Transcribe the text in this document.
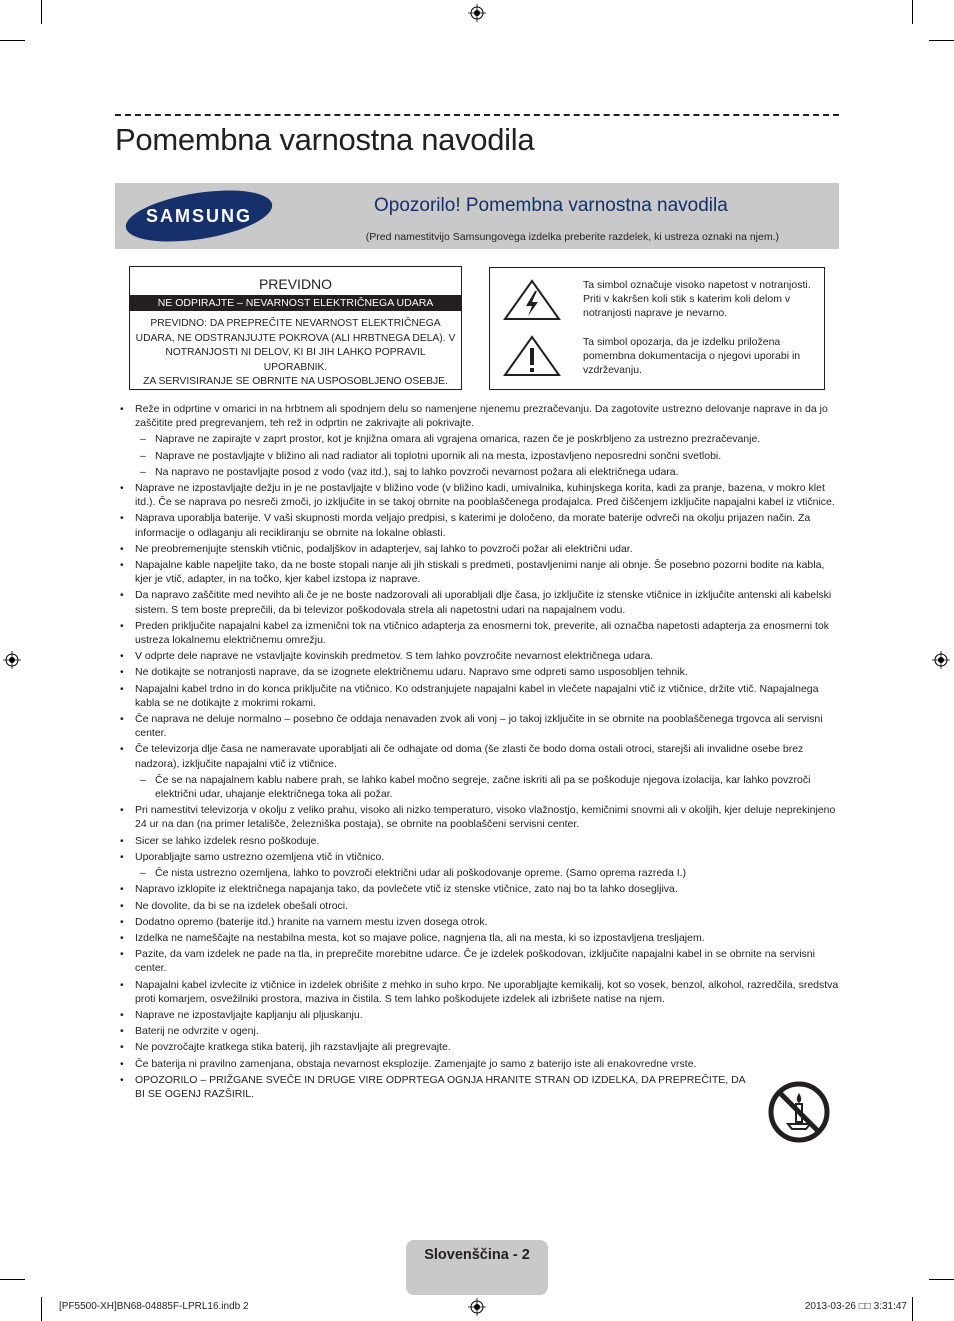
Pomembna varnostna navodila
SAMSUNG	Opozorilo! Pomembna varnostna navodila
(Pred namestitvijo Samsungovega izdelka preberite razdelek, ki ustreza oznaki na njem.)
PREVIDNO
NE ODPIRAJTE – NEVARNOST ELEKTRIČNEGA UDARA
PREVIDNO: DA PREPREČITE NEVARNOST ELEKTRIČNEGA
UDARA, NE ODSTRANJUJTE POKROVA (ALI HRBTNEGA DELA). V
NOTRANJOSTI NI DELOV, KI BI JIH LAHKO POPRAVIL UPORABNIK.
ZA SERVISIRANJE SE OBRNITE NA USPOSOBLJENO OSEBJE.
Ta simbol označuje visoko napetost v notranjosti. Priti v kakršen koli stik s katerim koli delom v notranjosti naprave je nevarno.
Ta simbol opozarja, da je izdelku priložena pomembna dokumentacija o njegovi uporabi in vzdrževanju.
• Reže in odprtine v omarici in na hrbtnem ali spodnjem delu so namenjene njenemu prezračevanju. Da zagotovite ustrezno delovanje naprave in da jo zaščitite pred pregrevanjem, teh rež in odprtin ne zakrivajte ali pokrivajte.
– Naprave ne zapirajte v zaprt prostor, kot je knjižna omara ali vgrajena omarica, razen če je poskrbljeno za ustrezno prezračevanje.
– Naprave ne postavljajte v bližino ali nad radiator ali toplotni upornik ali na mesta, izpostavljeno neposredni sončni svetlobi.
– Na napravo ne postavljajte posod z vodo (vaz itd.), saj to lahko povzroči nevarnost požara ali električnega udara.
• Naprave ne izpostavljajte dežju in je ne postavljajte v bližino vode (v bližino kadi, umivalnika, kuhinjskega korita, kadi za pranje, bazena, v mokro klet itd.). Če se naprava po nesreči zmoči, jo izključite in se takoj obrnite na pooblaščenega prodajalca. Pred čiščenjem izključite napajalni kabel iz vtičnice.
• Naprava uporablja baterije. V vaši skupnosti morda veljajo predpisi, s katerimi je določeno, da morate baterije odvreči na okolju prijazen način. Za informacije o odlaganju ali recikliranju se obrnite na lokalne oblasti.
• Ne preobremenjujte stenskih vtičnic, podaljškov in adapterjev, saj lahko to povzroči požar ali električni udar.
• Napajalne kable napeljite tako, da ne boste stopali nanje ali jih stiskali s predmeti, postavljenimi nanje ali obnje. Še posebno pozorni bodite na kabla, kjer je vtič, adapter, in na točko, kjer kabel izstopa iz naprave.
• Da napravo zaščitite med nevihto ali če je ne boste nadzorovali ali uporabljali dlje časa, jo izključite iz stenske vtičnice in izključite antenski ali kabelski sistem. S tem boste preprečili, da bi televizor poškodovala strela ali napetostni udari na napajalnem vodu.
• Preden priključite napajalni kabel za izmenični tok na vtičnico adapterja za enosmerni tok, preverite, ali označba napetosti adapterja za enosmerni tok ustreza lokalnemu električnemu omrežju.
• V odprte dele naprave ne vstavljajte kovinskih predmetov. S tem lahko povzročite nevarnost električnega udara.
• Ne dotikajte se notranjosti naprave, da se izognete električnemu udaru. Napravo sme odpreti samo usposobljen tehnik.
• Napajalni kabel trdno in do konca priključite na vtičnico. Ko odstranjujete napajalni kabel in vlečete napajalni vtič iz vtičnice, držite vtič. Napajalnega kabla se ne dotikajte z mokrimi rokami.
• Če naprava ne deluje normalno – posebno če oddaja nenavaden zvok ali vonj – jo takoj izključite in se obrnite na pooblaščenega trgovca ali servisni center.
• Če televizorja dlje časa ne nameravate uporabljati ali če odhajate od doma (še zlasti če bodo doma ostali otroci, starejši ali invalidne osebe brez nadzora), izključite napajalni vtič iz vtičnice.
– Če se na napajalnem kablu nabere prah, se lahko kabel močno segreje, začne iskriti ali pa se poškoduje njegova izolacija, kar lahko povzroči električni udar, uhajanje električnega toka ali požar.
• Pri namestitvi televizorja v okolju z veliko prahu, visoko ali nizko temperaturo, visoko vlažnostjo, kemičnimi snovmi ali v okoljih, kjer deluje neprekinjeno 24 ur na dan (na primer letališče, železniška postaja), se obrnite na pooblaščeni servisni center.
• Sicer se lahko izdelek resno poškoduje.
• Uporabljajte samo ustrezno ozemljena vtič in vtičnico.
– Če nista ustrezno ozemljena, lahko to povzroči električni udar ali poškodovanje opreme. (Samo oprema razreda I.)
• Napravo izklopite iz električnega napajanja tako, da povlečete vtič iz stenske vtičnice, zato naj bo ta lahko dosegljiva.
• Ne dovolite, da bi se na izdelek obešali otroci.
• Dodatno opremo (baterije itd.) hranite na varnem mestu izven dosega otrok.
• Izdelka ne nameščajte na nestabilna mesta, kot so majave police, nagnjena tla, ali na mesta, ki so izpostavljena tresljajem.
• Pazite, da vam izdelek ne pade na tla, in preprečite morebitne udarce. Če je izdelek poškodovan, izključite napajalni kabel in se obrnite na servisni center.
• Napajalni kabel izvlecite iz vtičnice in izdelek obrišite z mehko in suho krpo. Ne uporabljajte kemikalij, kot so vosek, benzol, alkohol, razredčila, sredstva proti komarjem, osvežilniki prostora, maziva in čistila. S tem lahko poškodujete izdelek ali izbrišete natise na njem.
• Naprave ne izpostavljajte kapljanju ali pljuskanju.
• Baterij ne odvrzite v ogenj.
• Ne povzročajte kratkega stika baterij, jih razstavljajte ali pregrevajte.
• Če baterija ni pravilno zamenjana, obstaja nevarnost eksplozije. Zamenjajte jo samo z baterijo iste ali enakovredne vrste.
• OPOZORILO – PRIŽGANE SVEČE IN DRUGE VIRE ODPRTEGA OGNJA HRANITE STRAN OD IZDELKA, DA PREPREČITE, DA BI SE OGENJ RAZŠIRIL.
Slovenščina - 2
[PF5500-XH]BN68-04885F-LPRL16.indb 2	2013-03-26 □□ 3:31:47
